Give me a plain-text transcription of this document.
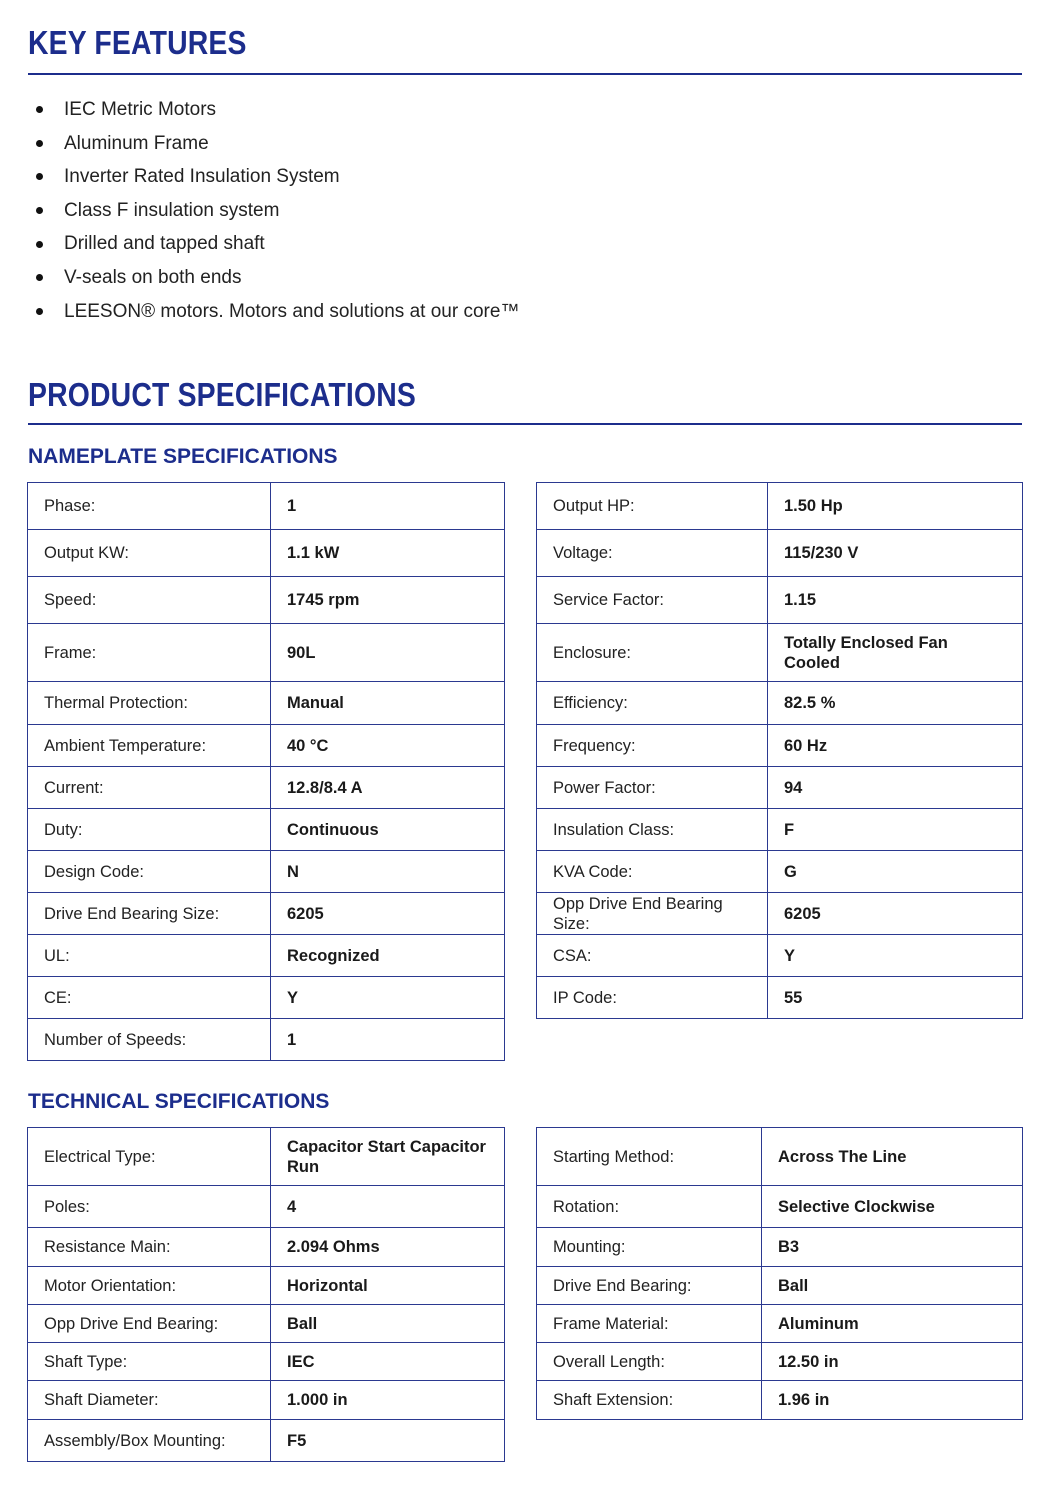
KEY FEATURES
IEC Metric Motors
Aluminum Frame
Inverter Rated Insulation System
Class F insulation system
Drilled and tapped shaft
V-seals on both ends
LEESON® motors. Motors and solutions at our core™
PRODUCT SPECIFICATIONS
NAMEPLATE SPECIFICATIONS
Phase:	1
Output KW:	1.1 kW
Speed:	1745 rpm
Frame:	90L
Thermal Protection:	Manual
Ambient Temperature:	40 °C
Current:	12.8/8.4 A
Duty:	Continuous
Design Code:	N
Drive End Bearing Size:	6205
UL:	Recognized
CE:	Y
Number of Speeds:	1
Output HP:	1.50 Hp
Voltage:	115/230 V
Service Factor:	1.15
Enclosure:	Totally Enclosed Fan Cooled
Efficiency:	82.5 %
Frequency:	60 Hz
Power Factor:	94
Insulation Class:	F
KVA Code:	G
Opp Drive End Bearing Size:	6205
CSA:	Y
IP Code:	55
TECHNICAL SPECIFICATIONS
Electrical Type:	Capacitor Start Capacitor Run
Poles:	4
Resistance Main:	2.094 Ohms
Motor Orientation:	Horizontal
Opp Drive End Bearing:	Ball
Shaft Type:	IEC
Shaft Diameter:	1.000 in
Assembly/Box Mounting:	F5
Starting Method:	Across The Line
Rotation:	Selective Clockwise
Mounting:	B3
Drive End Bearing:	Ball
Frame Material:	Aluminum
Overall Length:	12.50 in
Shaft Extension:	1.96 in
